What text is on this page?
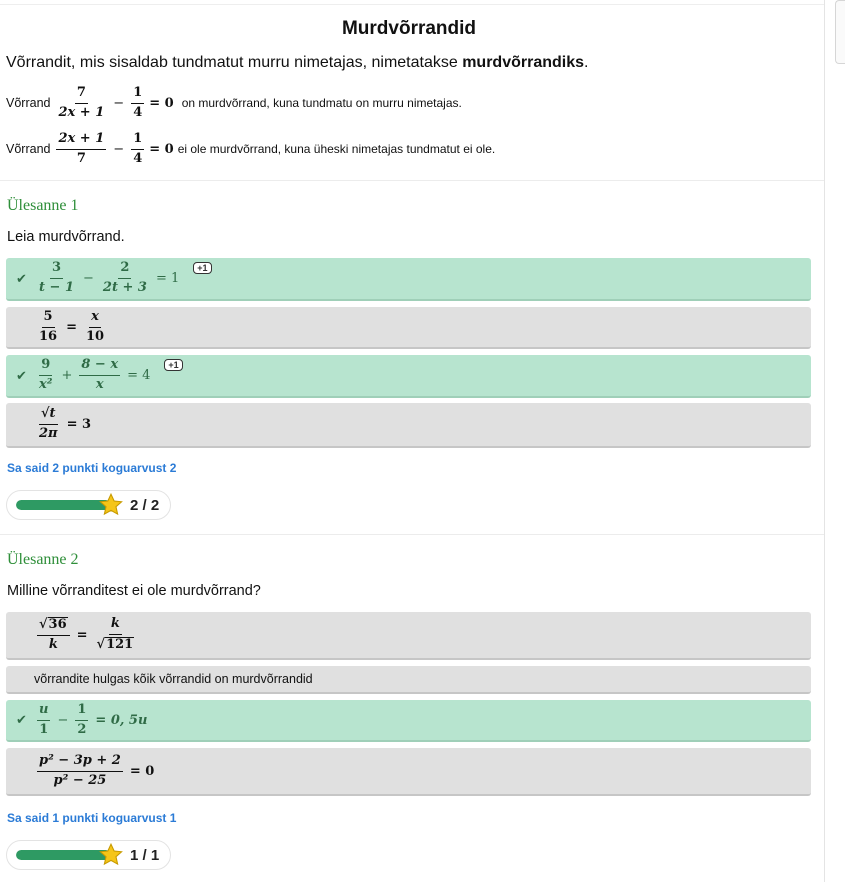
Murdvõrrandid
Võrrandit, mis sisaldab tundmatut murru nimetajas, nimetatakse murdvõrrandiks.
Võrrand $\frac{7}{2x + 1} - \frac{1}{4} = 0$ on murdvõrrand, kuna tundmatu on murru nimetajas.
Võrrand $\frac{2x + 1}{7} - \frac{1}{4} = 0$ ei ole murdvõrrand, kuna üheski nimetajas tundmatut ei ole.
Ülesanne 1
Leia murdvõrrand.
✔ $\frac{3}{t - 1} - \frac{2}{2t + 3} = 1$
+1
$\frac{5}{16} = \frac{x}{10}$
✔ $\frac{9}{\text{x²}} + \frac{8 - x}{x} = 4$
+1
$\frac{√t}{2\pi} = 3$
Sa said 2 punkti koguarvust 2
2 / 2
Ülesanne 2
Milline võrranditest ei ole murdvõrrand?
$\frac{√ 36}{k} = \frac{k}{√ 121}$
võrrandite hulgas kõik võrrandid on murdvõrrandid
✔ $\frac{u}{1} - \frac{1}{2} = 0$, 5u
$\frac{\text{p² − 3p + 2}}{\text{p² − 25}} = 0$
Sa said 1 punkti koguarvust 1
1 / 1
